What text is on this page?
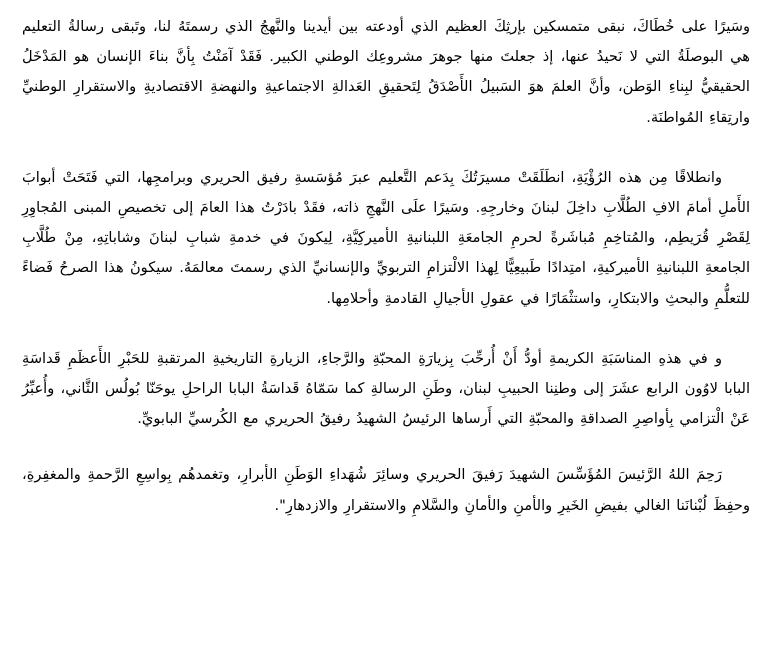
وسَيرًا على خُطَاكَ، نبقى متمسكين بإرثِكَ العظيم الذي أودعته بين أيدينا والنَّهجُ الذي رسمتَهُ لنا، وتَبقى رسالةُ التعليم هي البوصلَةُ التي لا نَحيدُ عنها، إذ جعلتَ منها جوهرَ مشروعِك الوطني الكبير. فَقَدْ آمَنْتُ بِأنَّ بناءَ الإنسان هو المَدْخَلُ الحقيقيُّ لبِناءِ الوَطن، وأنَّ العلمَ هوَ السَبيلُ الأَصْدَقُ لِتَحقيقِ العَدالةِ الاجتماعيةِ والنهضةِ الاقتصاديةِ والاستقرارِ الوطنيِّ وارتِقاءِ المُواطنَة.

وانطلاقًا مِن هذه الرُؤْيَةِ، انطَلَقَتْ مسيرَتُكَ بِدَعم التَّعليم عبرَ مُؤسَسةِ رفيق الحريري وبرامجِها، التي فَتَحَتْ أبوابَ الأَملِ أمامَ الافِ الطُلَّابِ داخِلَ لبنانَ وخارجِهِ. وسَيرًا علَى النَّهجِ ذاته، فقَدْ بادَرْتُ هذا العامَ إلى تخصيصِ المبنى المُجاوِرِ لِقَصْرِ قُرَيطِم، والمُتاخِمِ مُباشَرةً لحرمِ الجامعَةِ اللبنانيةِ الأميركِيَّةِ، لِيكونَ في خدمةِ شبابِ لبنانَ وشاباتِهِ، مِنْ طُلَّابِ الجامعةِ اللبنانيةِ الأميركيةِ، امتِدادًا طَبيعِيًّا لِهذا الالْتزامِ التربويِّ والإنسانيِّ الذي رسمتَ معالمَهُ. سيكونُ هذا الصرحُ فَضاءً للتعلُّمِ والبحثِ والابتكارِ، واستثْمَارًا في عقولِ الأجيالِ القادمةِ وأحلامِها.

و في هذهِ المناسَبَةِ الكريمةِ أودُّ أَنْ أُرحِّبَ بِزيارَةِ المحبّةِ والرَّجاءِ، الزيارةِ التاريخيةِ المرتقبةِ للحَبْرِ الأَعظَمِ قَداسَةِ البابا لاوُون الرابع عشَرَ إلى وطنِنا الحبيبِ لبنان، وطَنِ الرسالةِ كما سَمّاهُ قَداسَةُ البابا الراحلِ يوحَنّا بُولُس الثَّاني، وأُعبِّرُ عَنْ الْتزامي بِأواصِرِ الصداقةِ والمحبّةِ التي أَرساها الرئيسُ الشهيدُ رفيقُ الحريري مع الكُرسيِّ البابويِّ.

رَحِمَ اللهُ الرَّئيسَ المُؤَسِّسَ الشهيدَ رَفيقَ الحريري وسائِرَ شُهَداءِ الوَطَنِ الأبرارِ، وتغمدهُم بِواسِعِ الرَّحمةِ والمغفِرةِ، وحفِظَ لُبْنانَنا الغالي بفيضِ الخَيرِ والأمنِ والأمانِ والسَّلامِ والاستقرارِ والازدهارِ".
